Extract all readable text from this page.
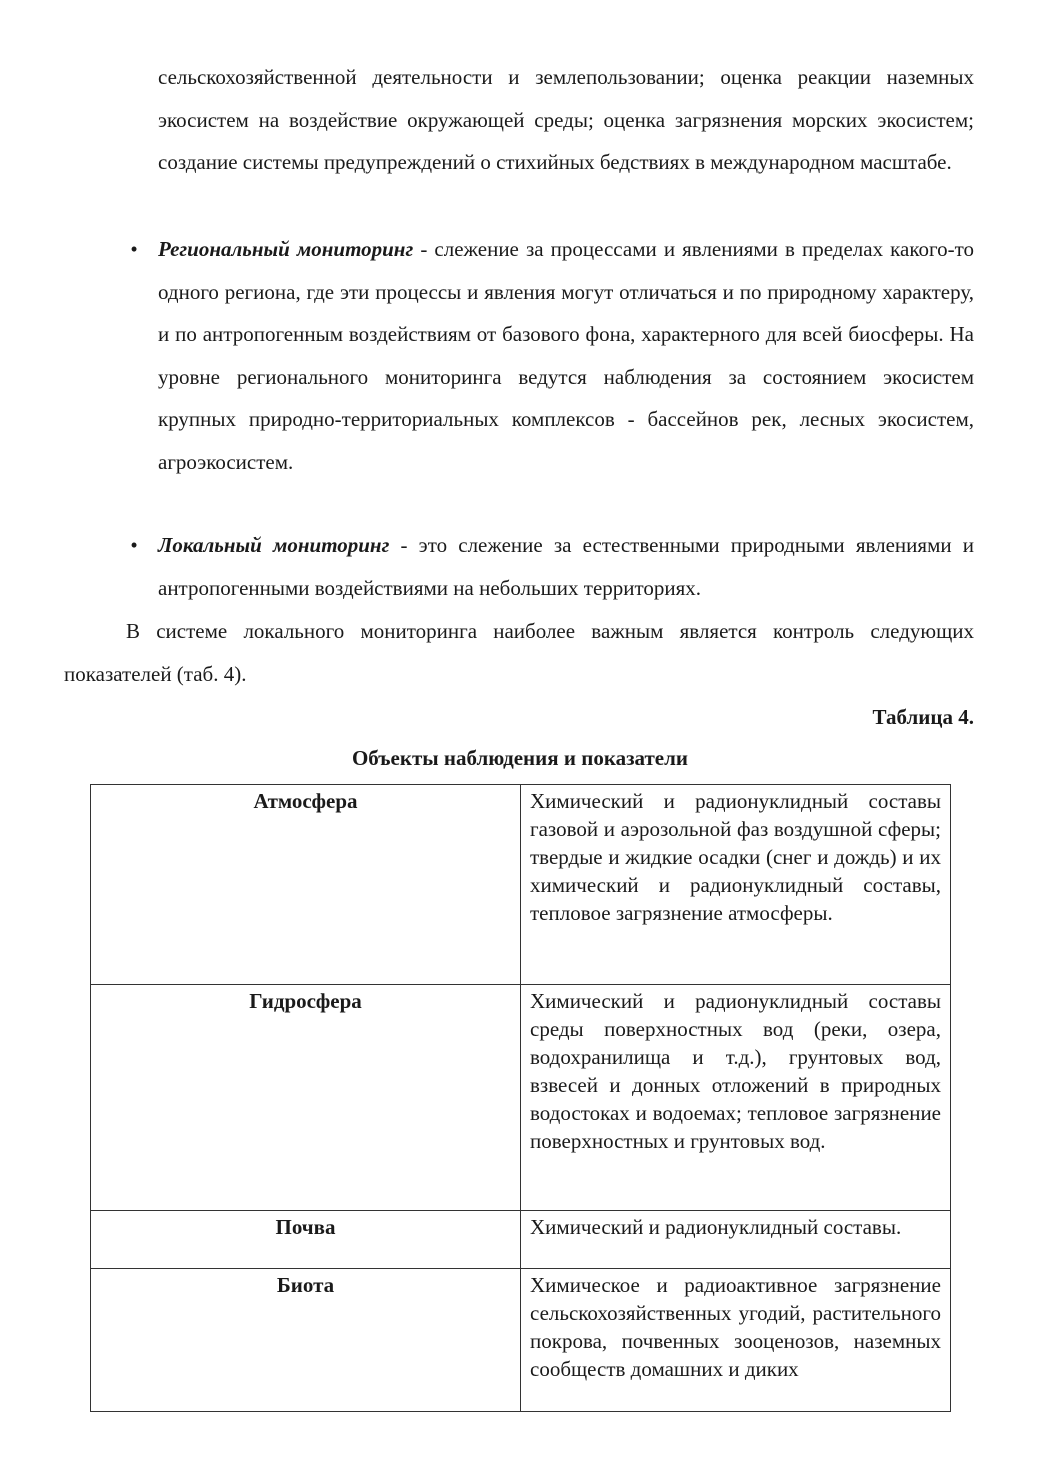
сельскохозяйственной деятельности и землепользовании; оценка реакции наземных экосистем на воздействие окружающей среды; оценка загрязнения морских экосистем; создание системы предупреждений о стихийных бедствиях в международном масштабе.

• Региональный мониторинг - слежение за процессами и явлениями в пределах какого-то одного региона, где эти процессы и явления могут отличаться и по природному характеру, и по антропогенным воздействиям от базового фона, характерного для всей биосферы. На уровне регионального мониторинга ведутся наблюдения за состоянием экосистем крупных природно-территориальных комплексов - бассейнов рек, лесных экосистем, агроэкосистем.
• Локальный мониторинг - это слежение за естественными природными явлениями и антропогенными воздействиями на небольших территориях.

В системе локального мониторинга наиболее важным является контроль следующих показателей (таб. 4).

Таблица 4.
Объекты наблюдения и показатели
Атмосфера	Химический и радионуклидный составы газовой и аэрозольной фаз воздушной сферы; твердые и жидкие осадки (снег и дождь) и их химический и радионуклидный составы, тепловое загрязнение атмосферы.
Гидросфера	Химический и радионуклидный составы среды поверхностных вод (реки, озера, водохранилища и т.д.), грунтовых вод, взвесей и донных отложений в природных водостоках и водоемах; тепловое загрязнение поверхностных и грунтовых вод.
Почва	Химический и радионуклидный составы.
Биота	Химическое и радиоактивное загрязнение сельскохозяйственных угодий, растительного покрова, почвенных зооценозов, наземных сообществ домашних и диких
